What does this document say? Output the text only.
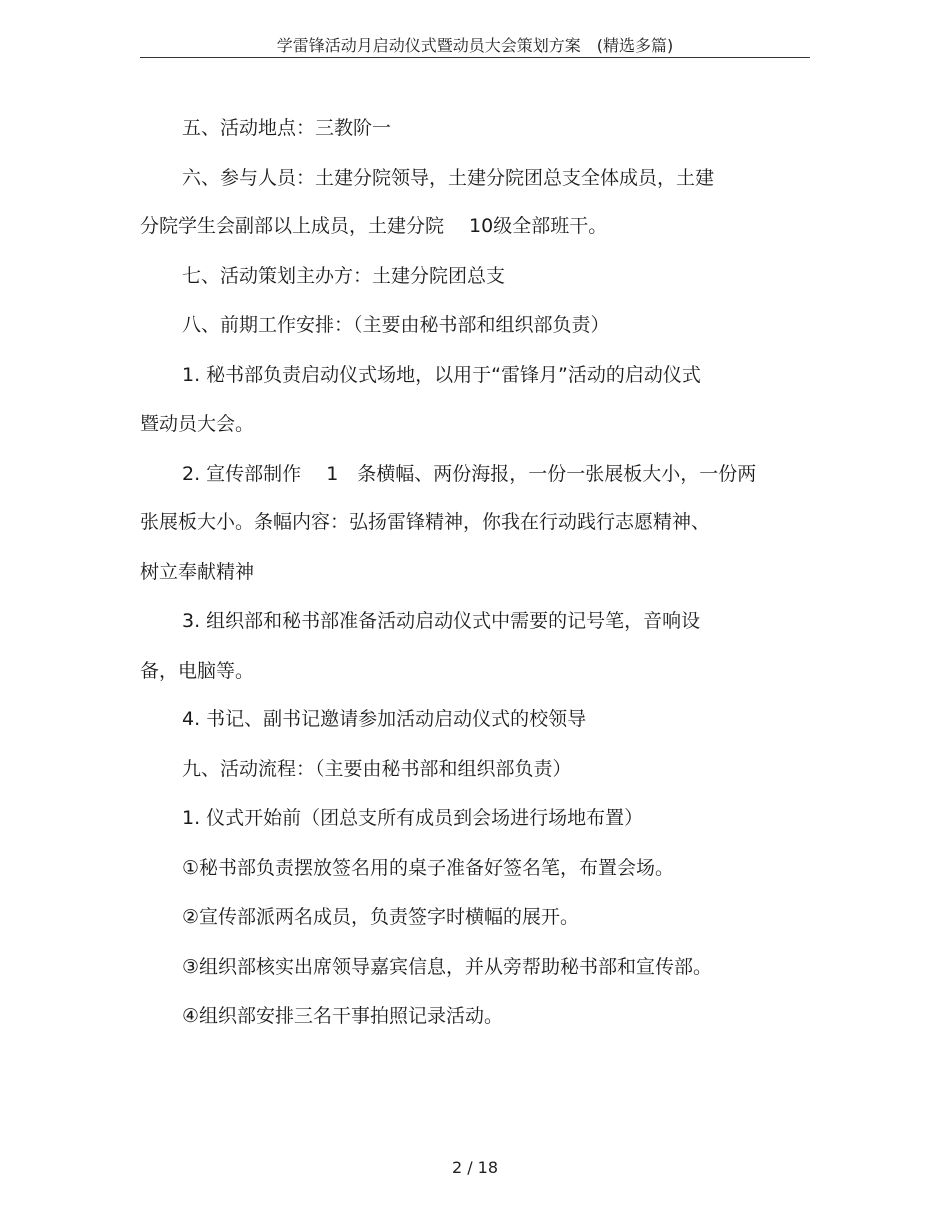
学雷锋活动月启动仪式暨动员大会策划方案　(精选多篇)
五、活动地点：三教阶一
六、参与人员：土建分院领导，土建分院团总支全体成员，土建
分院学生会副部以上成员，土建分院　 10级全部班干。
七、活动策划主办方：土建分院团总支
八、前期工作安排：（主要由秘书部和组织部负责）
1. 秘书部负责启动仪式场地，以用于“雷锋月”活动的启动仪式
暨动员大会。
2. 宣传部制作　 1　条横幅、两份海报，一份一张展板大小，一份两
张展板大小。条幅内容：弘扬雷锋精神，你我在行动践行志愿精神、
树立奉献精神
3. 组织部和秘书部准备活动启动仪式中需要的记号笔，音响设
备，电脑等。
4. 书记、副书记邀请参加活动启动仪式的校领导
九、活动流程：（主要由秘书部和组织部负责）
1. 仪式开始前（团总支所有成员到会场进行场地布置）
①秘书部负责摆放签名用的桌子准备好签名笔，布置会场。
②宣传部派两名成员，负责签字时横幅的展开。
③组织部核实出席领导嘉宾信息，并从旁帮助秘书部和宣传部。
④组织部安排三名干事拍照记录活动。
2 / 18
